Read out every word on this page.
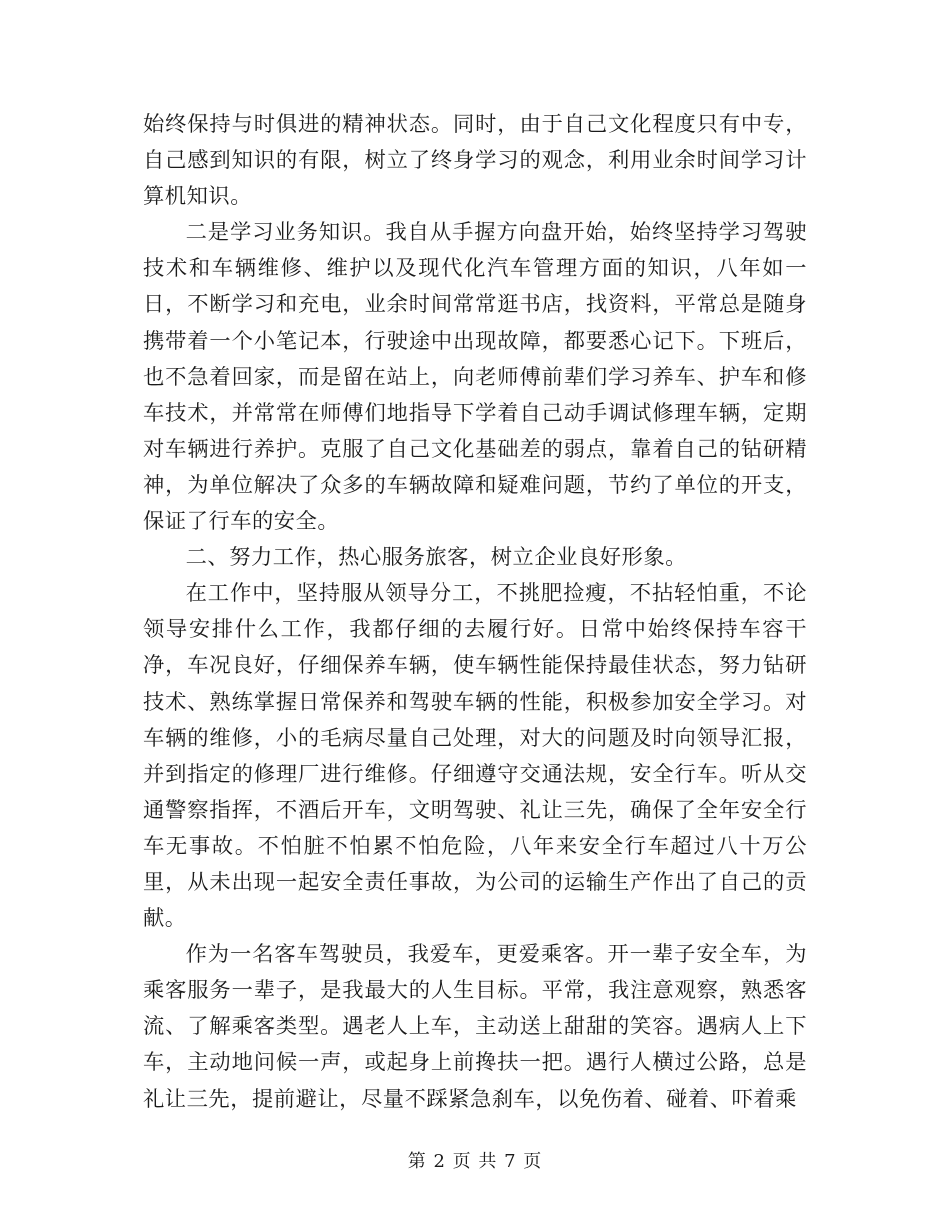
始终保持与时俱进的精神状态。同时，由于自己文化程度只有中专，自己感到知识的有限，树立了终身学习的观念，利用业余时间学习计算机知识。

二是学习业务知识。我自从手握方向盘开始，始终坚持学习驾驶技术和车辆维修、维护以及现代化汽车管理方面的知识，八年如一日，不断学习和充电，业余时间常常逛书店，找资料，平常总是随身携带着一个小笔记本，行驶途中出现故障，都要悉心记下。下班后，也不急着回家，而是留在站上，向老师傅前辈们学习养车、护车和修车技术，并常常在师傅们地指导下学着自己动手调试修理车辆，定期对车辆进行养护。克服了自己文化基础差的弱点，靠着自己的钻研精神，为单位解决了众多的车辆故障和疑难问题，节约了单位的开支，保证了行车的安全。

二、努力工作，热心服务旅客，树立企业良好形象。

在工作中，坚持服从领导分工，不挑肥捡瘦，不拈轻怕重，不论领导安排什么工作，我都仔细的去履行好。日常中始终保持车容干净，车况良好，仔细保养车辆，使车辆性能保持最佳状态，努力钻研技术、熟练掌握日常保养和驾驶车辆的性能，积极参加安全学习。对车辆的维修，小的毛病尽量自己处理，对大的问题及时向领导汇报，并到指定的修理厂进行维修。仔细遵守交通法规，安全行车。听从交通警察指挥，不酒后开车，文明驾驶、礼让三先，确保了全年安全行车无事故。不怕脏不怕累不怕危险，八年来安全行车超过八十万公里，从未出现一起安全责任事故，为公司的运输生产作出了自己的贡献。

作为一名客车驾驶员，我爱车，更爱乘客。开一辈子安全车，为乘客服务一辈子，是我最大的人生目标。平常，我注意观察，熟悉客流、了解乘客类型。遇老人上车，主动送上甜甜的笑容。遇病人上下车，主动地问候一声，或起身上前搀扶一把。遇行人横过公路，总是礼让三先，提前避让，尽量不踩紧急刹车，以免伤着、碰着、吓着乘

第 2 页 共 7 页
